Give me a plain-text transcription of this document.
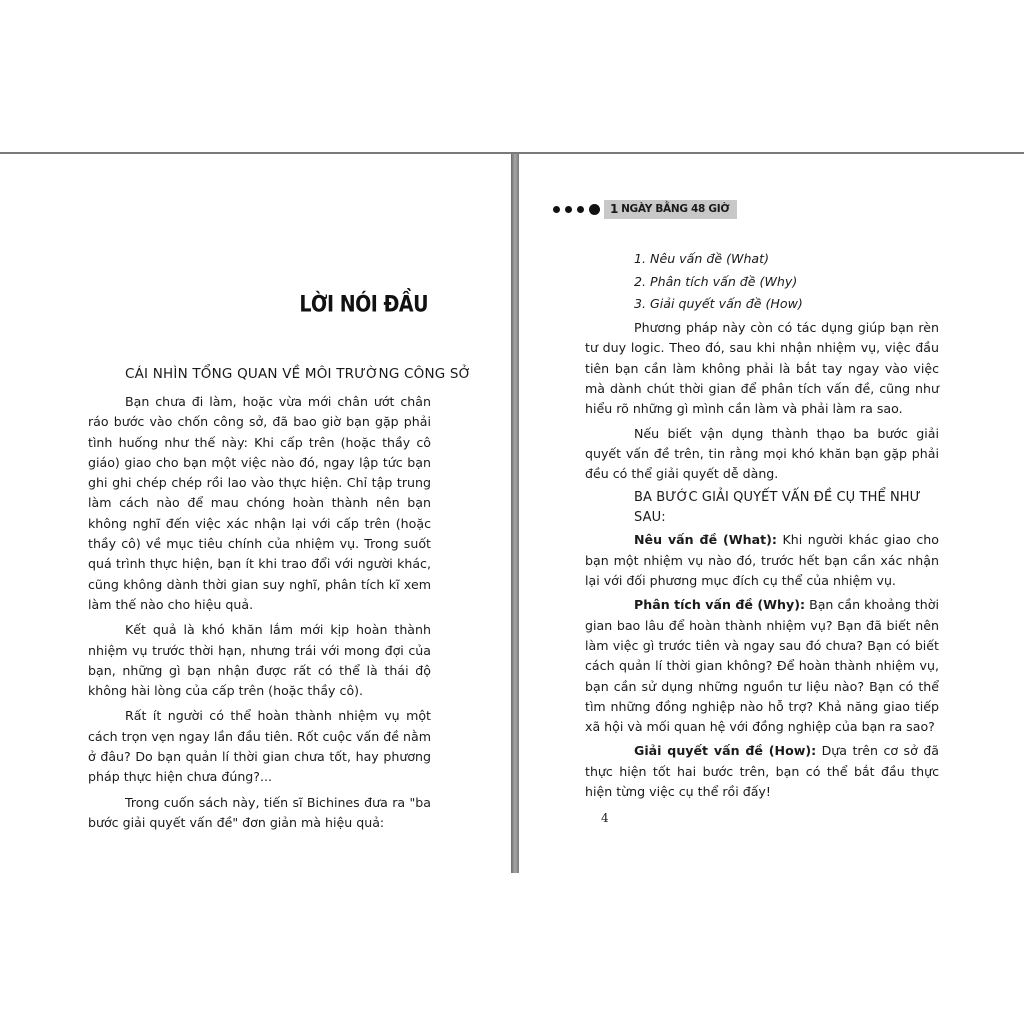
LỜI NÓI ĐẦU
CÁI NHÌN TỔNG QUAN VỀ MÔI TRƯỜNG CÔNG SỞ

Bạn chưa đi làm, hoặc vừa mới chân ướt chân ráo bước vào chốn công sở, đã bao giờ bạn gặp phải tình huống như thế này: Khi cấp trên (hoặc thầy cô giáo) giao cho bạn một việc nào đó, ngay lập tức bạn ghi ghi chép chép rồi lao vào thực hiện. Chỉ tập trung làm cách nào để mau chóng hoàn thành nên bạn không nghĩ đến việc xác nhận lại với cấp trên (hoặc thầy cô) về mục tiêu chính của nhiệm vụ. Trong suốt quá trình thực hiện, bạn ít khi trao đổi với người khác, cũng không dành thời gian suy nghĩ, phân tích kĩ xem làm thế nào cho hiệu quả.

Kết quả là khó khăn lắm mới kịp hoàn thành nhiệm vụ trước thời hạn, nhưng trái với mong đợi của bạn, những gì bạn nhận được rất có thể là thái độ không hài lòng của cấp trên (hoặc thầy cô).

Rất ít người có thể hoàn thành nhiệm vụ một cách trọn vẹn ngay lần đầu tiên. Rốt cuộc vấn đề nằm ở đâu? Do bạn quản lí thời gian chưa tốt, hay phương pháp thực hiện chưa đúng?...

Trong cuốn sách này, tiến sĩ Bichines đưa ra "ba bước giải quyết vấn đề" đơn giản mà hiệu quả:

1 NGÀY BẰNG 48 GIỜ

1. Nêu vấn đề (What)

2. Phân tích vấn đề (Why)

3. Giải quyết vấn đề (How)

Phương pháp này còn có tác dụng giúp bạn rèn tư duy logic. Theo đó, sau khi nhận nhiệm vụ, việc đầu tiên bạn cần làm không phải là bắt tay ngay vào việc mà dành chút thời gian để phân tích vấn đề, cũng như hiểu rõ những gì mình cần làm và phải làm ra sao.

Nếu biết vận dụng thành thạo ba bước giải quyết vấn đề trên, tin rằng mọi khó khăn bạn gặp phải đều có thể giải quyết dễ dàng.

BA BƯỚC GIẢI QUYẾT VẤN ĐỀ CỤ THỂ NHƯ SAU:

Nêu vấn đề (What): Khi người khác giao cho bạn một nhiệm vụ nào đó, trước hết bạn cần xác nhận lại với đối phương mục đích cụ thể của nhiệm vụ.

Phân tích vấn đề (Why): Bạn cần khoảng thời gian bao lâu để hoàn thành nhiệm vụ? Bạn đã biết nên làm việc gì trước tiên và ngay sau đó chưa? Bạn có biết cách quản lí thời gian không? Để hoàn thành nhiệm vụ, bạn cần sử dụng những nguồn tư liệu nào? Bạn có thể tìm những đồng nghiệp nào hỗ trợ? Khả năng giao tiếp xã hội và mối quan hệ với đồng nghiệp của bạn ra sao?

Giải quyết vấn đề (How): Dựa trên cơ sở đã thực hiện tốt hai bước trên, bạn có thể bắt đầu thực hiện từng việc cụ thể rồi đấy!

4
